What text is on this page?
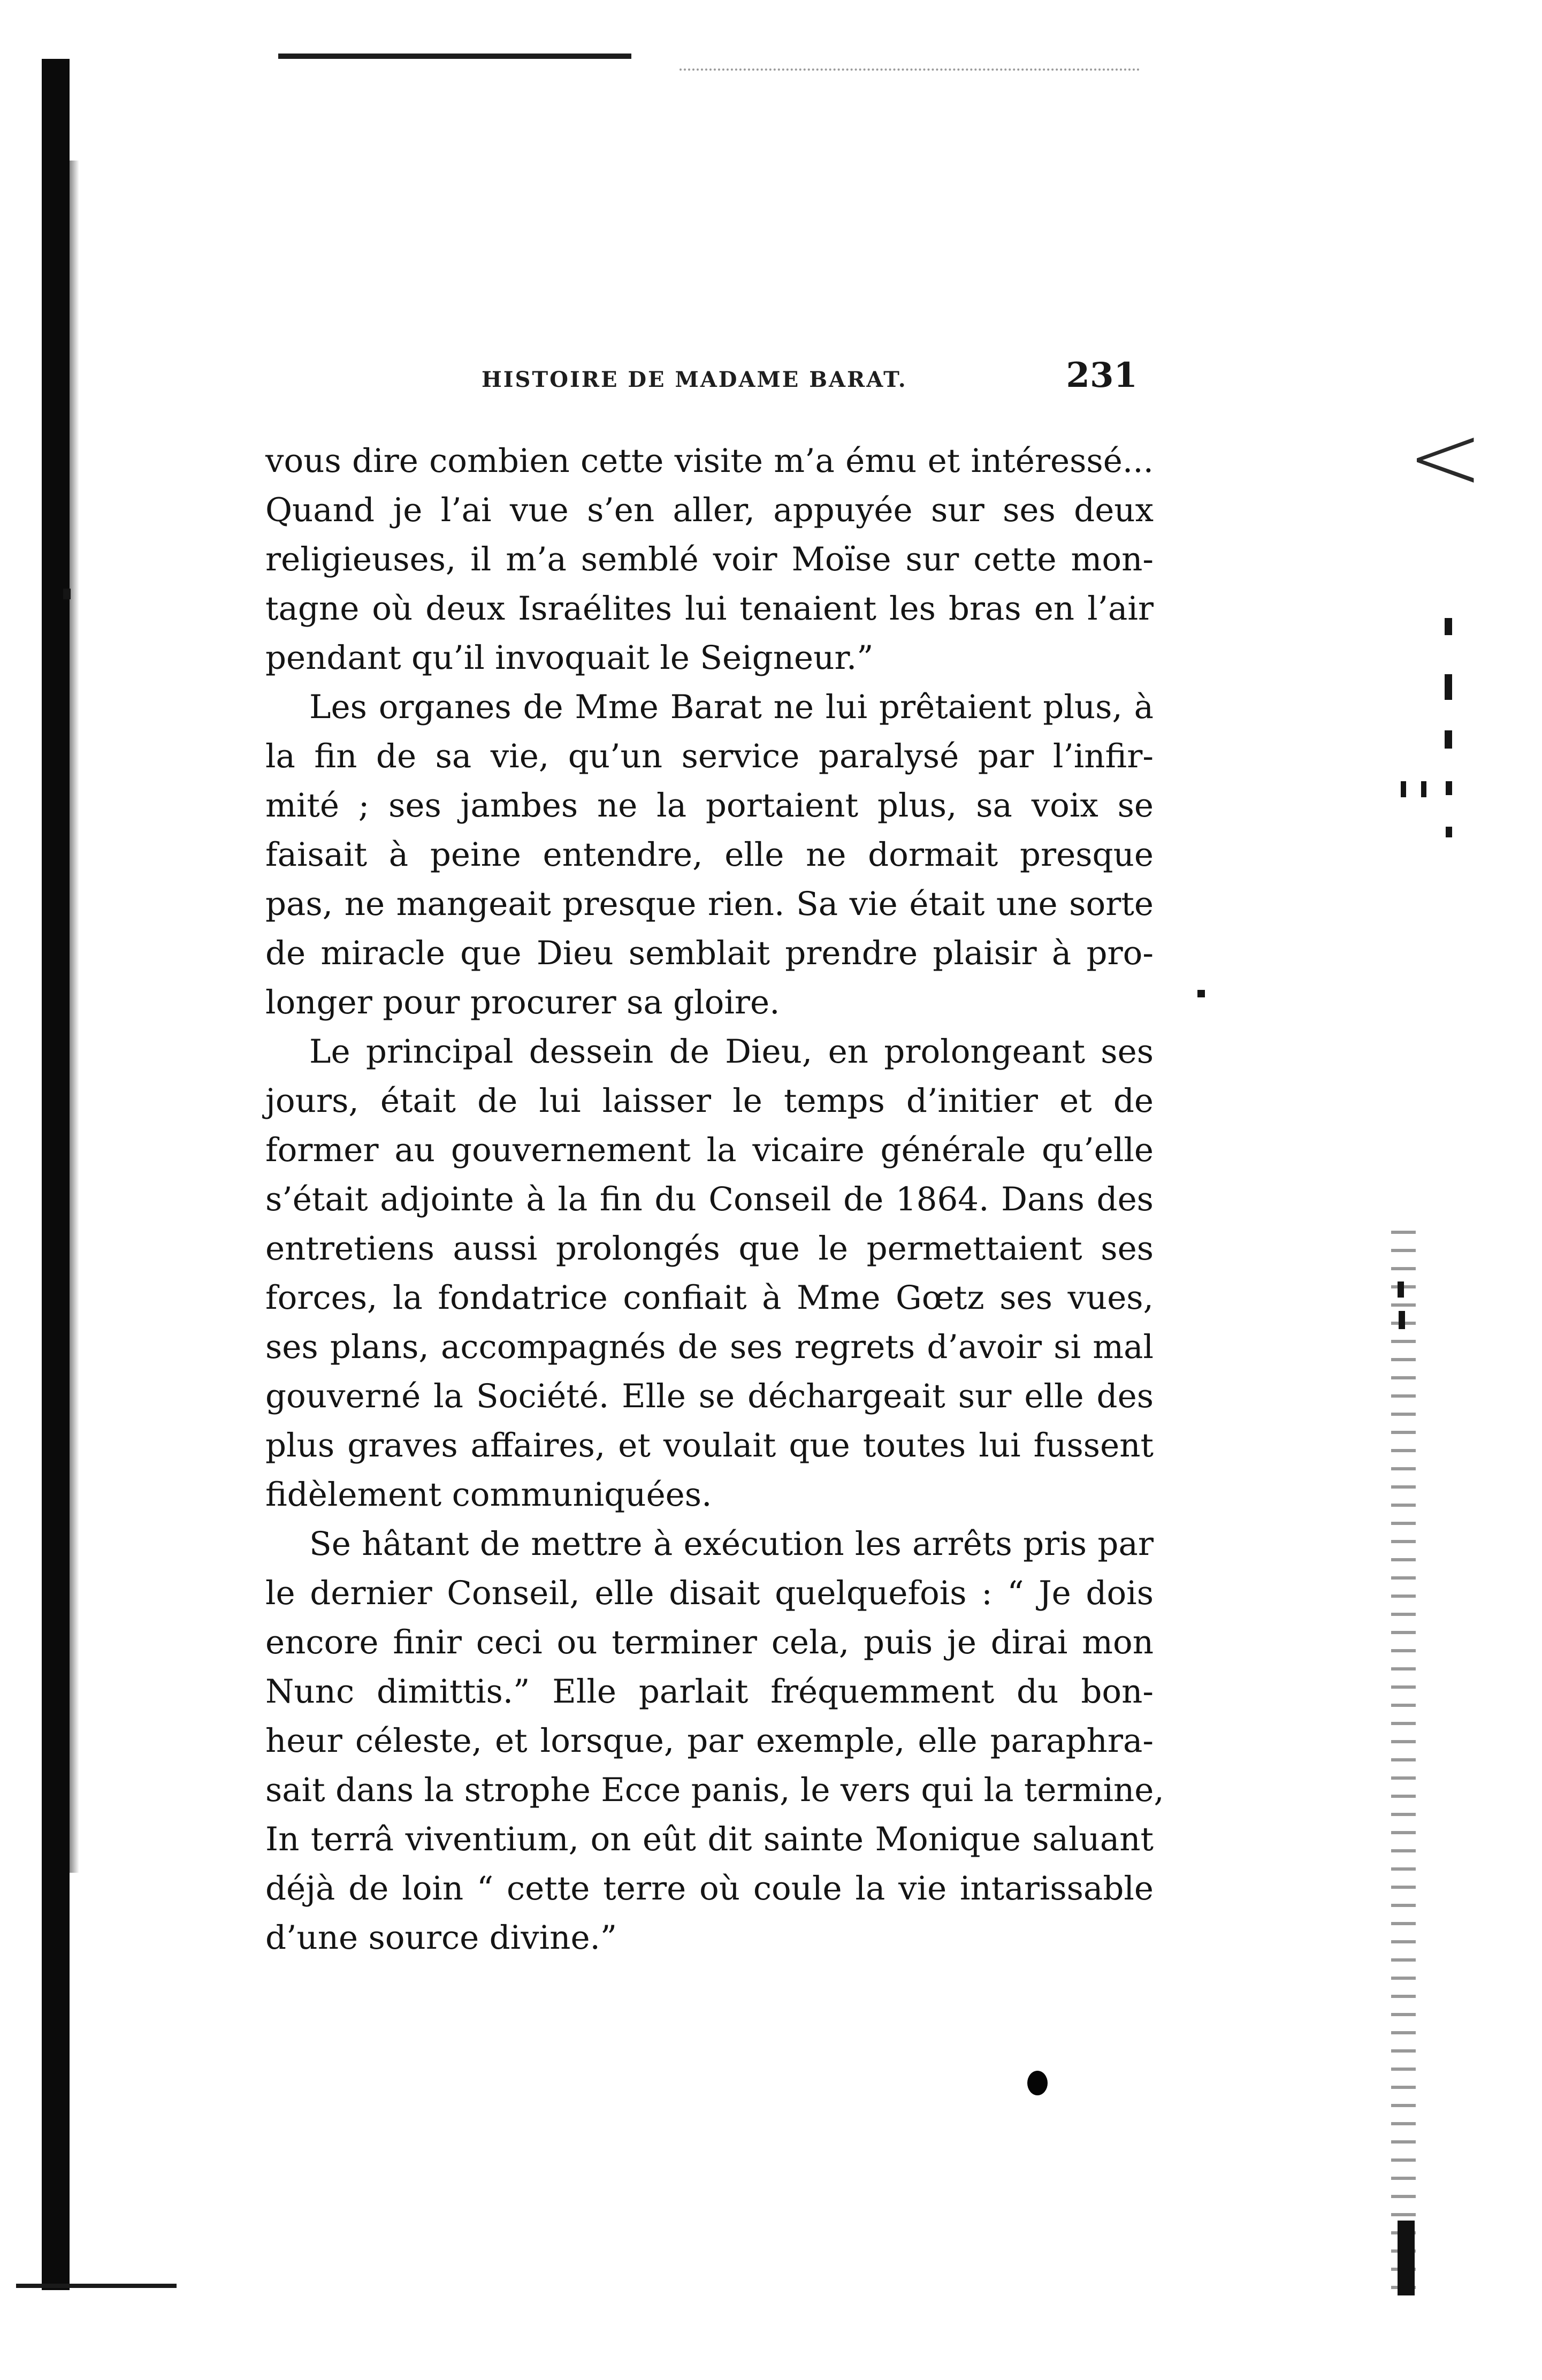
<
HISTOIRE DE MADAME BARAT.	231
vous dire combien cette visite m’a ému et intéressé...
Quand je l’ai vue s’en aller, appuyée sur ses deux
religieuses, il m’a semblé voir Moïse sur cette mon-
tagne où deux Israélites lui tenaient les bras en l’air
pendant qu’il invoquait le Seigneur.”
Les organes de Mme Barat ne lui prêtaient plus, à
la fin de sa vie, qu’un service paralysé par l’infir-
mité ; ses jambes ne la portaient plus, sa voix se
faisait à peine entendre, elle ne dormait presque
pas, ne mangeait presque rien. Sa vie était une sorte
de miracle que Dieu semblait prendre plaisir à pro-
longer pour procurer sa gloire.
Le principal dessein de Dieu, en prolongeant ses
jours, était de lui laisser le temps d’initier et de
former au gouvernement la vicaire générale qu’elle
s’était adjointe à la fin du Conseil de 1864. Dans des
entretiens aussi prolongés que le permettaient ses
forces, la fondatrice confiait à Mme Gœtz ses vues,
ses plans, accompagnés de ses regrets d’avoir si mal
gouverné la Société. Elle se déchargeait sur elle des
plus graves affaires, et voulait que toutes lui fussent
fidèlement communiquées.
Se hâtant de mettre à exécution les arrêts pris par
le dernier Conseil, elle disait quelquefois : “ Je dois
encore finir ceci ou terminer cela, puis je dirai mon
Nunc dimittis.” Elle parlait fréquemment du bon-
heur céleste, et lorsque, par exemple, elle paraphra-
sait dans la strophe Ecce panis, le vers qui la termine,
In terrâ viventium, on eût dit sainte Monique saluant
déjà de loin “ cette terre où coule la vie intarissable
d’une source divine.”
